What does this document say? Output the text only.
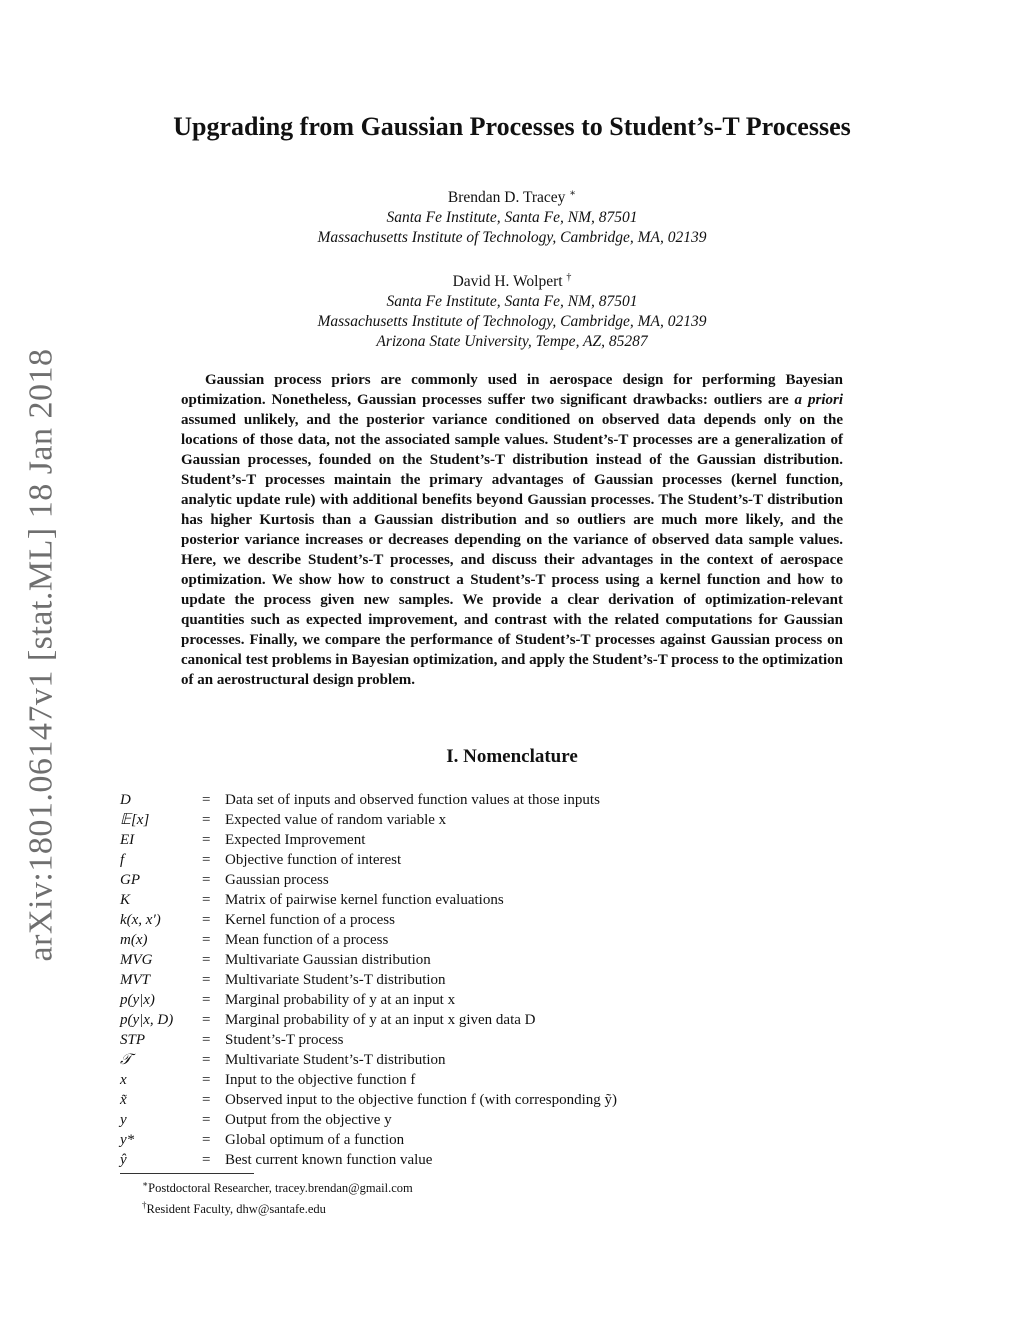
arXiv:1801.06147v1 [stat.ML] 18 Jan 2018
Upgrading from Gaussian Processes to Student’s-T Processes
Brendan D. Tracey ∗
Santa Fe Institute, Santa Fe, NM, 87501
Massachusetts Institute of Technology, Cambridge, MA, 02139
David H. Wolpert †
Santa Fe Institute, Santa Fe, NM, 87501
Massachusetts Institute of Technology, Cambridge, MA, 02139
Arizona State University, Tempe, AZ, 85287

Gaussian process priors are commonly used in aerospace design for performing Bayesian optimization. Nonetheless, Gaussian processes suffer two significant drawbacks: outliers are a priori assumed unlikely, and the posterior variance conditioned on observed data depends only on the locations of those data, not the associated sample values. Student’s-T processes are a generalization of Gaussian processes, founded on the Student’s-T distribution instead of the Gaussian distribution. Student’s-T processes maintain the primary advantages of Gaussian processes (kernel function, analytic update rule) with additional benefits beyond Gaussian processes. The Student’s-T distribution has higher Kurtosis than a Gaussian distribution and so outliers are much more likely, and the posterior variance increases or decreases depending on the variance of observed data sample values. Here, we describe Student’s-T processes, and discuss their advantages in the context of aerospace optimization. We show how to construct a Student’s-T process using a kernel function and how to update the process given new samples. We provide a clear derivation of optimization-relevant quantities such as expected improvement, and contrast with the related computations for Gaussian processes. Finally, we compare the performance of Student’s-T processes against Gaussian process on canonical test problems in Bayesian optimization, and apply the Student’s-T process to the optimization of an aerostructural design problem.

I. Nomenclature
D	= Data set of inputs and observed function values at those inputs
𝔼[x]	= Expected value of random variable x
EI	= Expected Improvement
f	= Objective function of interest
GP	= Gaussian process
K	= Matrix of pairwise kernel function evaluations
k(x, x′)	= Kernel function of a process
m(x)	= Mean function of a process
MVG	= Multivariate Gaussian distribution
MVT	= Multivariate Student’s-T distribution
p(y|x)	= Marginal probability of y at an input x
p(y|x, D)	= Marginal probability of y at an input x given data D
STP	= Student’s-T process
𝒯	= Multivariate Student’s-T distribution
x	= Input to the objective function f
x̃	= Observed input to the objective function f (with corresponding ỹ)
y	= Output from the objective y
y*	= Global optimum of a function
ŷ	= Best current known function value
∗Postdoctoral Researcher, tracey.brendan@gmail.com
†Resident Faculty, dhw@santafe.edu
